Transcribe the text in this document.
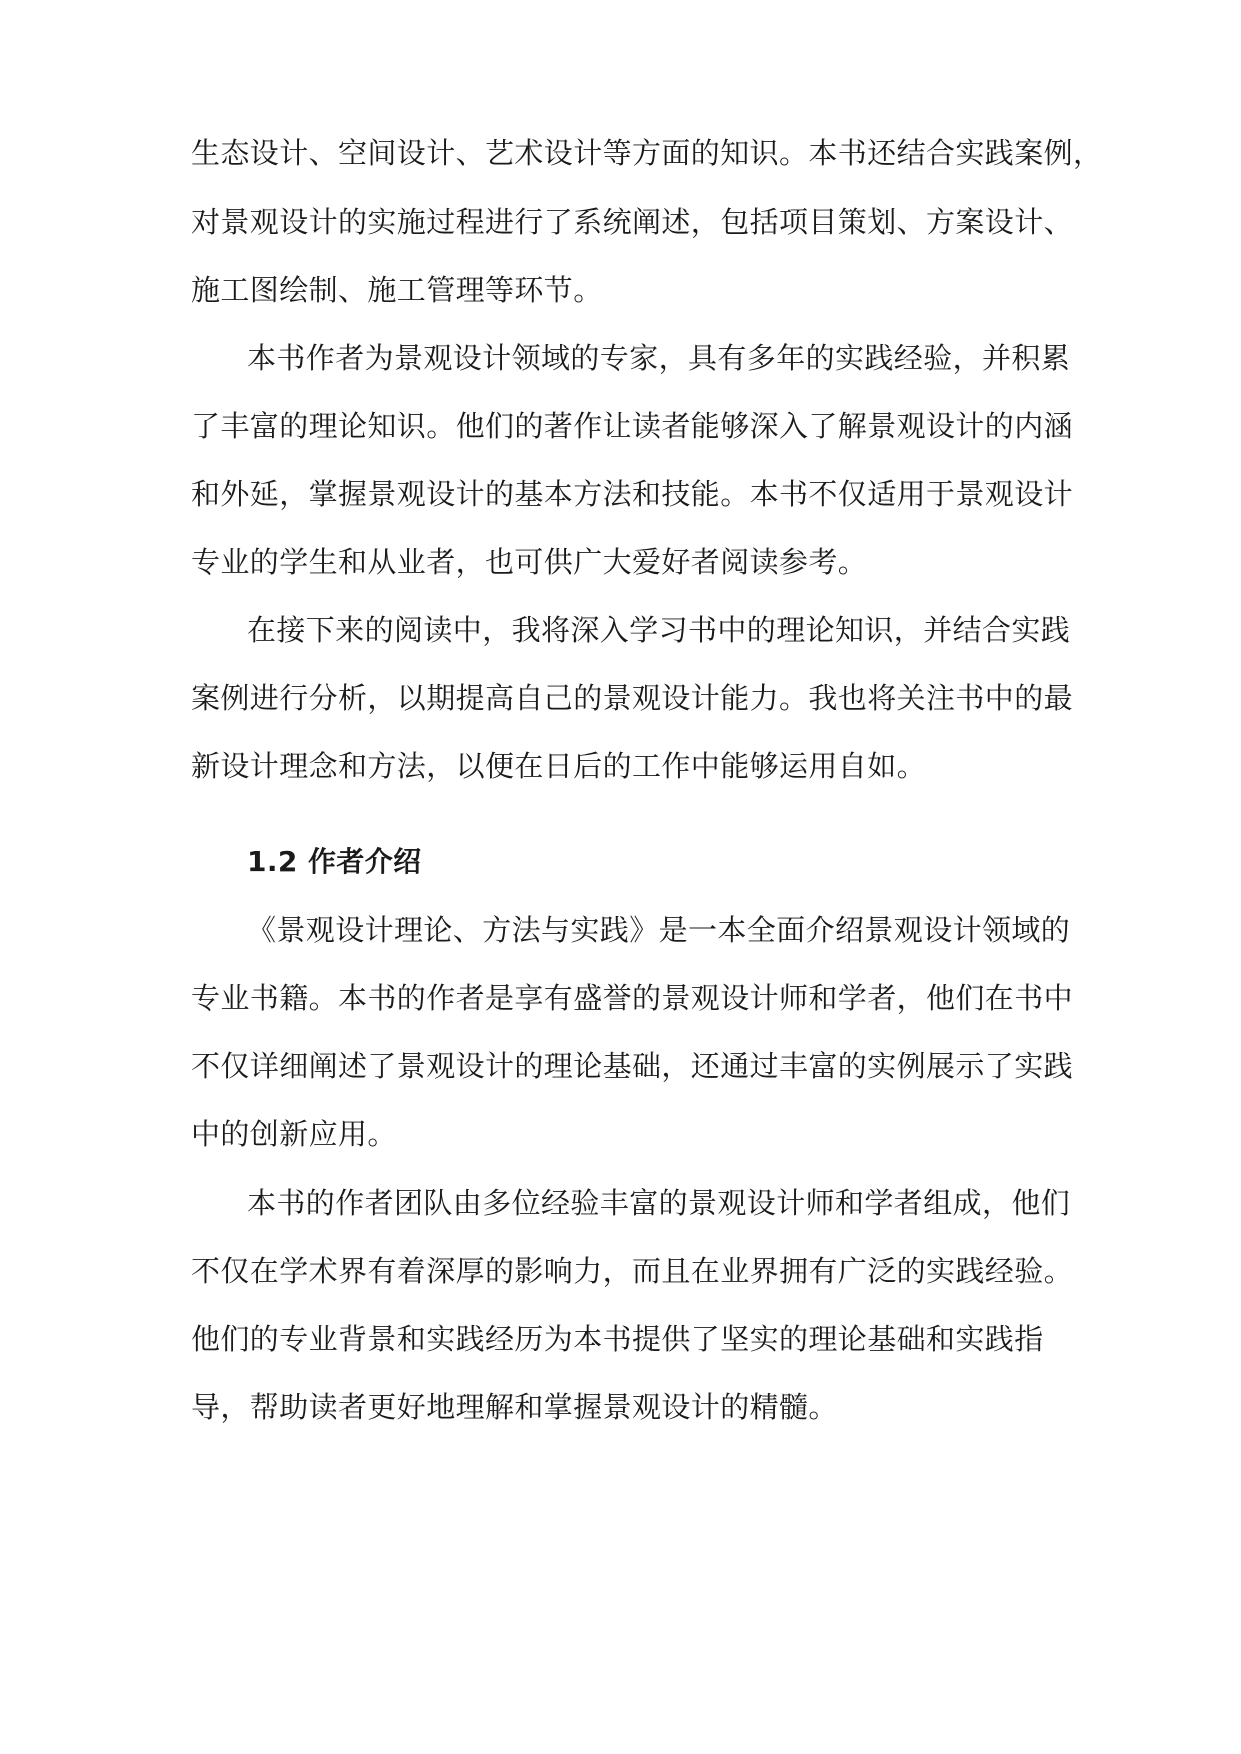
生态设计、空间设计、艺术设计等方面的知识。本书还结合实践案例，
对景观设计的实施过程进行了系统阐述，包括项目策划、方案设计、
施工图绘制、施工管理等环节。
本书作者为景观设计领域的专家，具有多年的实践经验，并积累
了丰富的理论知识。他们的著作让读者能够深入了解景观设计的内涵
和外延，掌握景观设计的基本方法和技能。本书不仅适用于景观设计
专业的学生和从业者，也可供广大爱好者阅读参考。
在接下来的阅读中，我将深入学习书中的理论知识，并结合实践
案例进行分析，以期提高自己的景观设计能力。我也将关注书中的最
新设计理念和方法，以便在日后的工作中能够运用自如。
1.2 作者介绍
《景观设计理论、方法与实践》是一本全面介绍景观设计领域的
专业书籍。本书的作者是享有盛誉的景观设计师和学者，他们在书中
不仅详细阐述了景观设计的理论基础，还通过丰富的实例展示了实践
中的创新应用。
本书的作者团队由多位经验丰富的景观设计师和学者组成，他们
不仅在学术界有着深厚的影响力，而且在业界拥有广泛的实践经验。
他们的专业背景和实践经历为本书提供了坚实的理论基础和实践指
导，帮助读者更好地理解和掌握景观设计的精髓。
